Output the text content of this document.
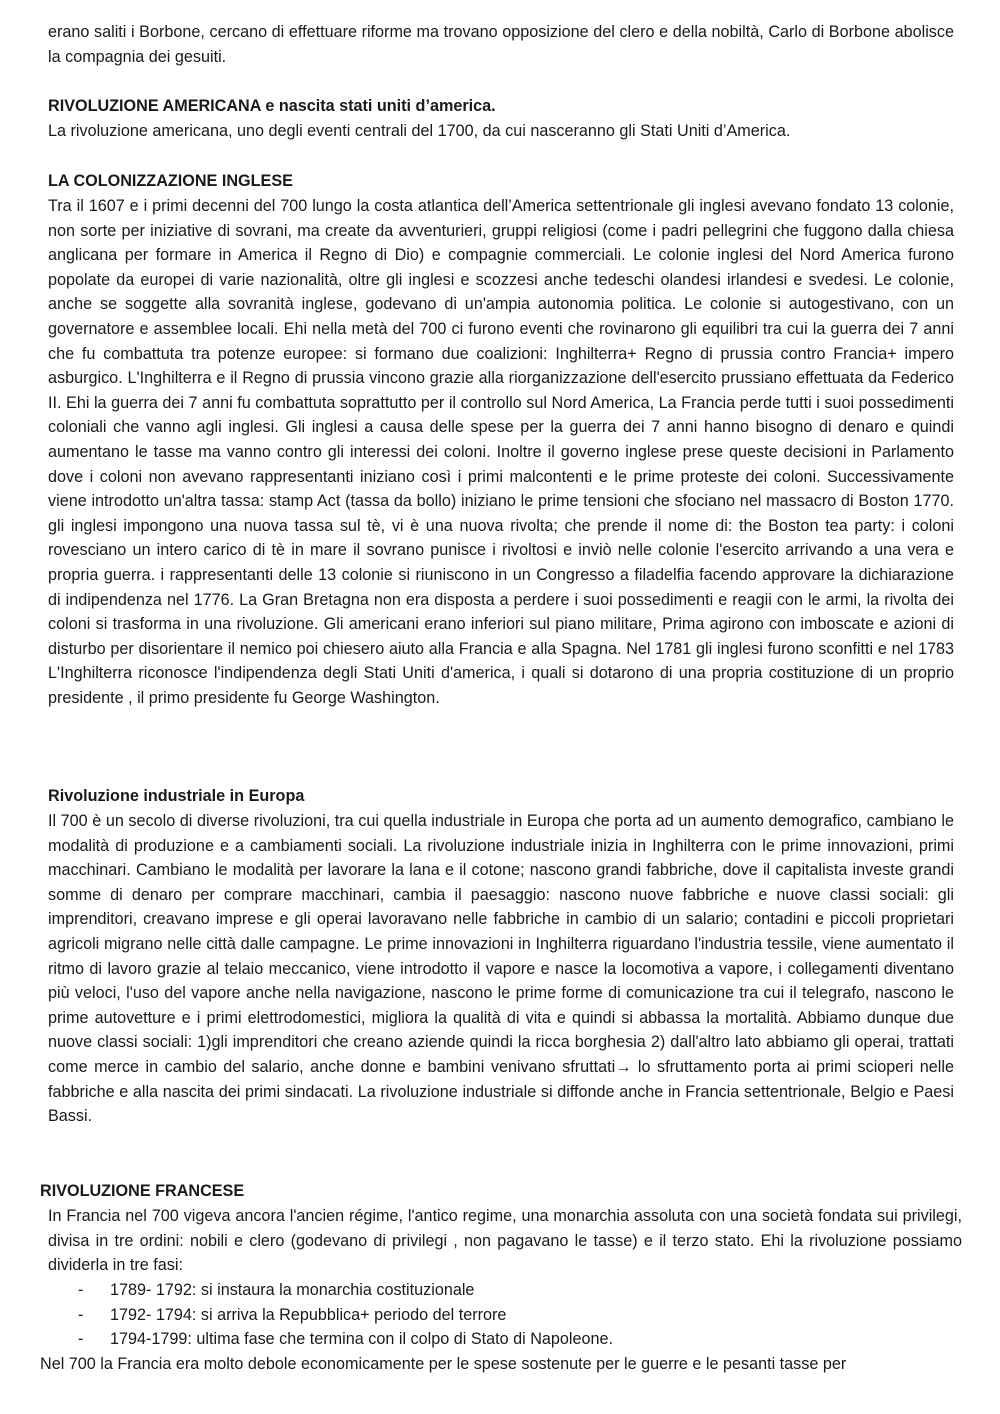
erano saliti i Borbone, cercano di effettuare riforme ma trovano opposizione del clero e della nobiltà, Carlo di Borbone abolisce la compagnia dei gesuiti.
RIVOLUZIONE AMERICANA e nascita stati uniti d’america.
La rivoluzione americana, uno degli eventi centrali del 1700, da cui nasceranno gli Stati Uniti d’America.
LA COLONIZZAZIONE INGLESE
Tra il 1607 e i primi decenni del 700 lungo la costa atlantica dell’America settentrionale gli inglesi avevano fondato 13 colonie, non sorte per iniziative di sovrani, ma create da avventurieri, gruppi religiosi (come i padri pellegrini che fuggono dalla chiesa anglicana per formare in America il Regno di Dio) e compagnie commerciali. Le colonie inglesi del Nord America furono popolate da europei di varie nazionalità, oltre gli inglesi e scozzesi anche tedeschi olandesi irlandesi e svedesi. Le colonie, anche se soggette alla sovranità inglese, godevano di un'ampia autonomia politica. Le colonie si autogestivano, con un governatore e assemblee locali. Ehi nella metà del 700 ci furono eventi che rovinarono gli equilibri tra cui la guerra dei 7 anni che fu combattuta tra potenze europee: si formano due coalizioni: Inghilterra+ Regno di prussia contro Francia+ impero asburgico. L'Inghilterra e il Regno di prussia vincono grazie alla riorganizzazione dell'esercito prussiano effettuata da Federico II. Ehi la guerra dei 7 anni fu combattuta soprattutto per il controllo sul Nord America, La Francia perde tutti i suoi possedimenti coloniali che vanno agli inglesi. Gli inglesi a causa delle spese per la guerra dei 7 anni hanno bisogno di denaro e quindi aumentano le tasse ma vanno contro gli interessi dei coloni. Inoltre il governo inglese prese queste decisioni in Parlamento dove i coloni non avevano rappresentanti iniziano così i primi malcontenti e le prime proteste dei coloni. Successivamente viene introdotto un'altra tassa: stamp Act (tassa da bollo) iniziano le prime tensioni che sfociano nel massacro di Boston 1770. gli inglesi impongono una nuova tassa sul tè, vi è una nuova rivolta; che prende il nome di: the Boston tea party: i coloni rovesciano un intero carico di tè in mare il sovrano punisce i rivoltosi e inviò nelle colonie l'esercito arrivando a una vera e propria guerra. i rappresentanti delle 13 colonie si riuniscono in un Congresso a filadelfia facendo approvare la dichiarazione di indipendenza nel 1776. La Gran Bretagna non era disposta a perdere i suoi possedimenti e reagii con le armi, la rivolta dei coloni si trasforma in una rivoluzione. Gli americani erano inferiori sul piano militare, Prima agirono con imboscate e azioni di disturbo per disorientare il nemico poi chiesero aiuto alla Francia e alla Spagna. Nel 1781 gli inglesi furono sconfitti e nel 1783 L'Inghilterra riconosce l'indipendenza degli Stati Uniti d'america, i quali si dotarono di una propria costituzione di un proprio presidente , il primo presidente fu George Washington.
Rivoluzione industriale in Europa
Il 700 è un secolo di diverse rivoluzioni, tra cui quella industriale in Europa che porta ad un aumento demografico, cambiano le modalità di produzione e a cambiamenti sociali. La rivoluzione industriale inizia in Inghilterra con le prime innovazioni, primi macchinari. Cambiano le modalità per lavorare la lana e il cotone; nascono grandi fabbriche, dove il capitalista investe grandi somme di denaro per comprare macchinari, cambia il paesaggio: nascono nuove fabbriche e nuove classi sociali: gli imprenditori, creavano imprese e gli operai lavoravano nelle fabbriche in cambio di un salario; contadini e piccoli proprietari agricoli migrano nelle città dalle campagne. Le prime innovazioni in Inghilterra riguardano l'industria tessile, viene aumentato il ritmo di lavoro grazie al telaio meccanico, viene introdotto il vapore e nasce la locomotiva a vapore, i collegamenti diventano più veloci, l'uso del vapore anche nella navigazione, nascono le prime forme di comunicazione tra cui il telegrafo, nascono le prime autovetture e i primi elettrodomestici, migliora la qualità di vita e quindi si abbassa la mortalità. Abbiamo dunque due nuove classi sociali: 1)gli imprenditori che creano aziende quindi la ricca borghesia 2) dall'altro lato abbiamo gli operai, trattati come merce in cambio del salario, anche donne e bambini venivano sfruttati→ lo sfruttamento porta ai primi scioperi nelle fabbriche e alla nascita dei primi sindacati. La rivoluzione industriale si diffonde anche in Francia settentrionale, Belgio e Paesi Bassi.
RIVOLUZIONE FRANCESE
In Francia nel 700 vigeva ancora l'ancien régime, l'antico regime, una monarchia assoluta con una società fondata sui privilegi, divisa in tre ordini: nobili e clero (godevano di privilegi , non pagavano le tasse) e il terzo stato. Ehi la rivoluzione possiamo dividerla in tre fasi:
- 1789- 1792: si instaura la monarchia costituzionale
- 1792- 1794: si arriva la Repubblica+ periodo del terrore
- 1794-1799: ultima fase che termina con il colpo di Stato di Napoleone.
Nel 700 la Francia era molto debole economicamente per le spese sostenute per le guerre e le pesanti tasse per
